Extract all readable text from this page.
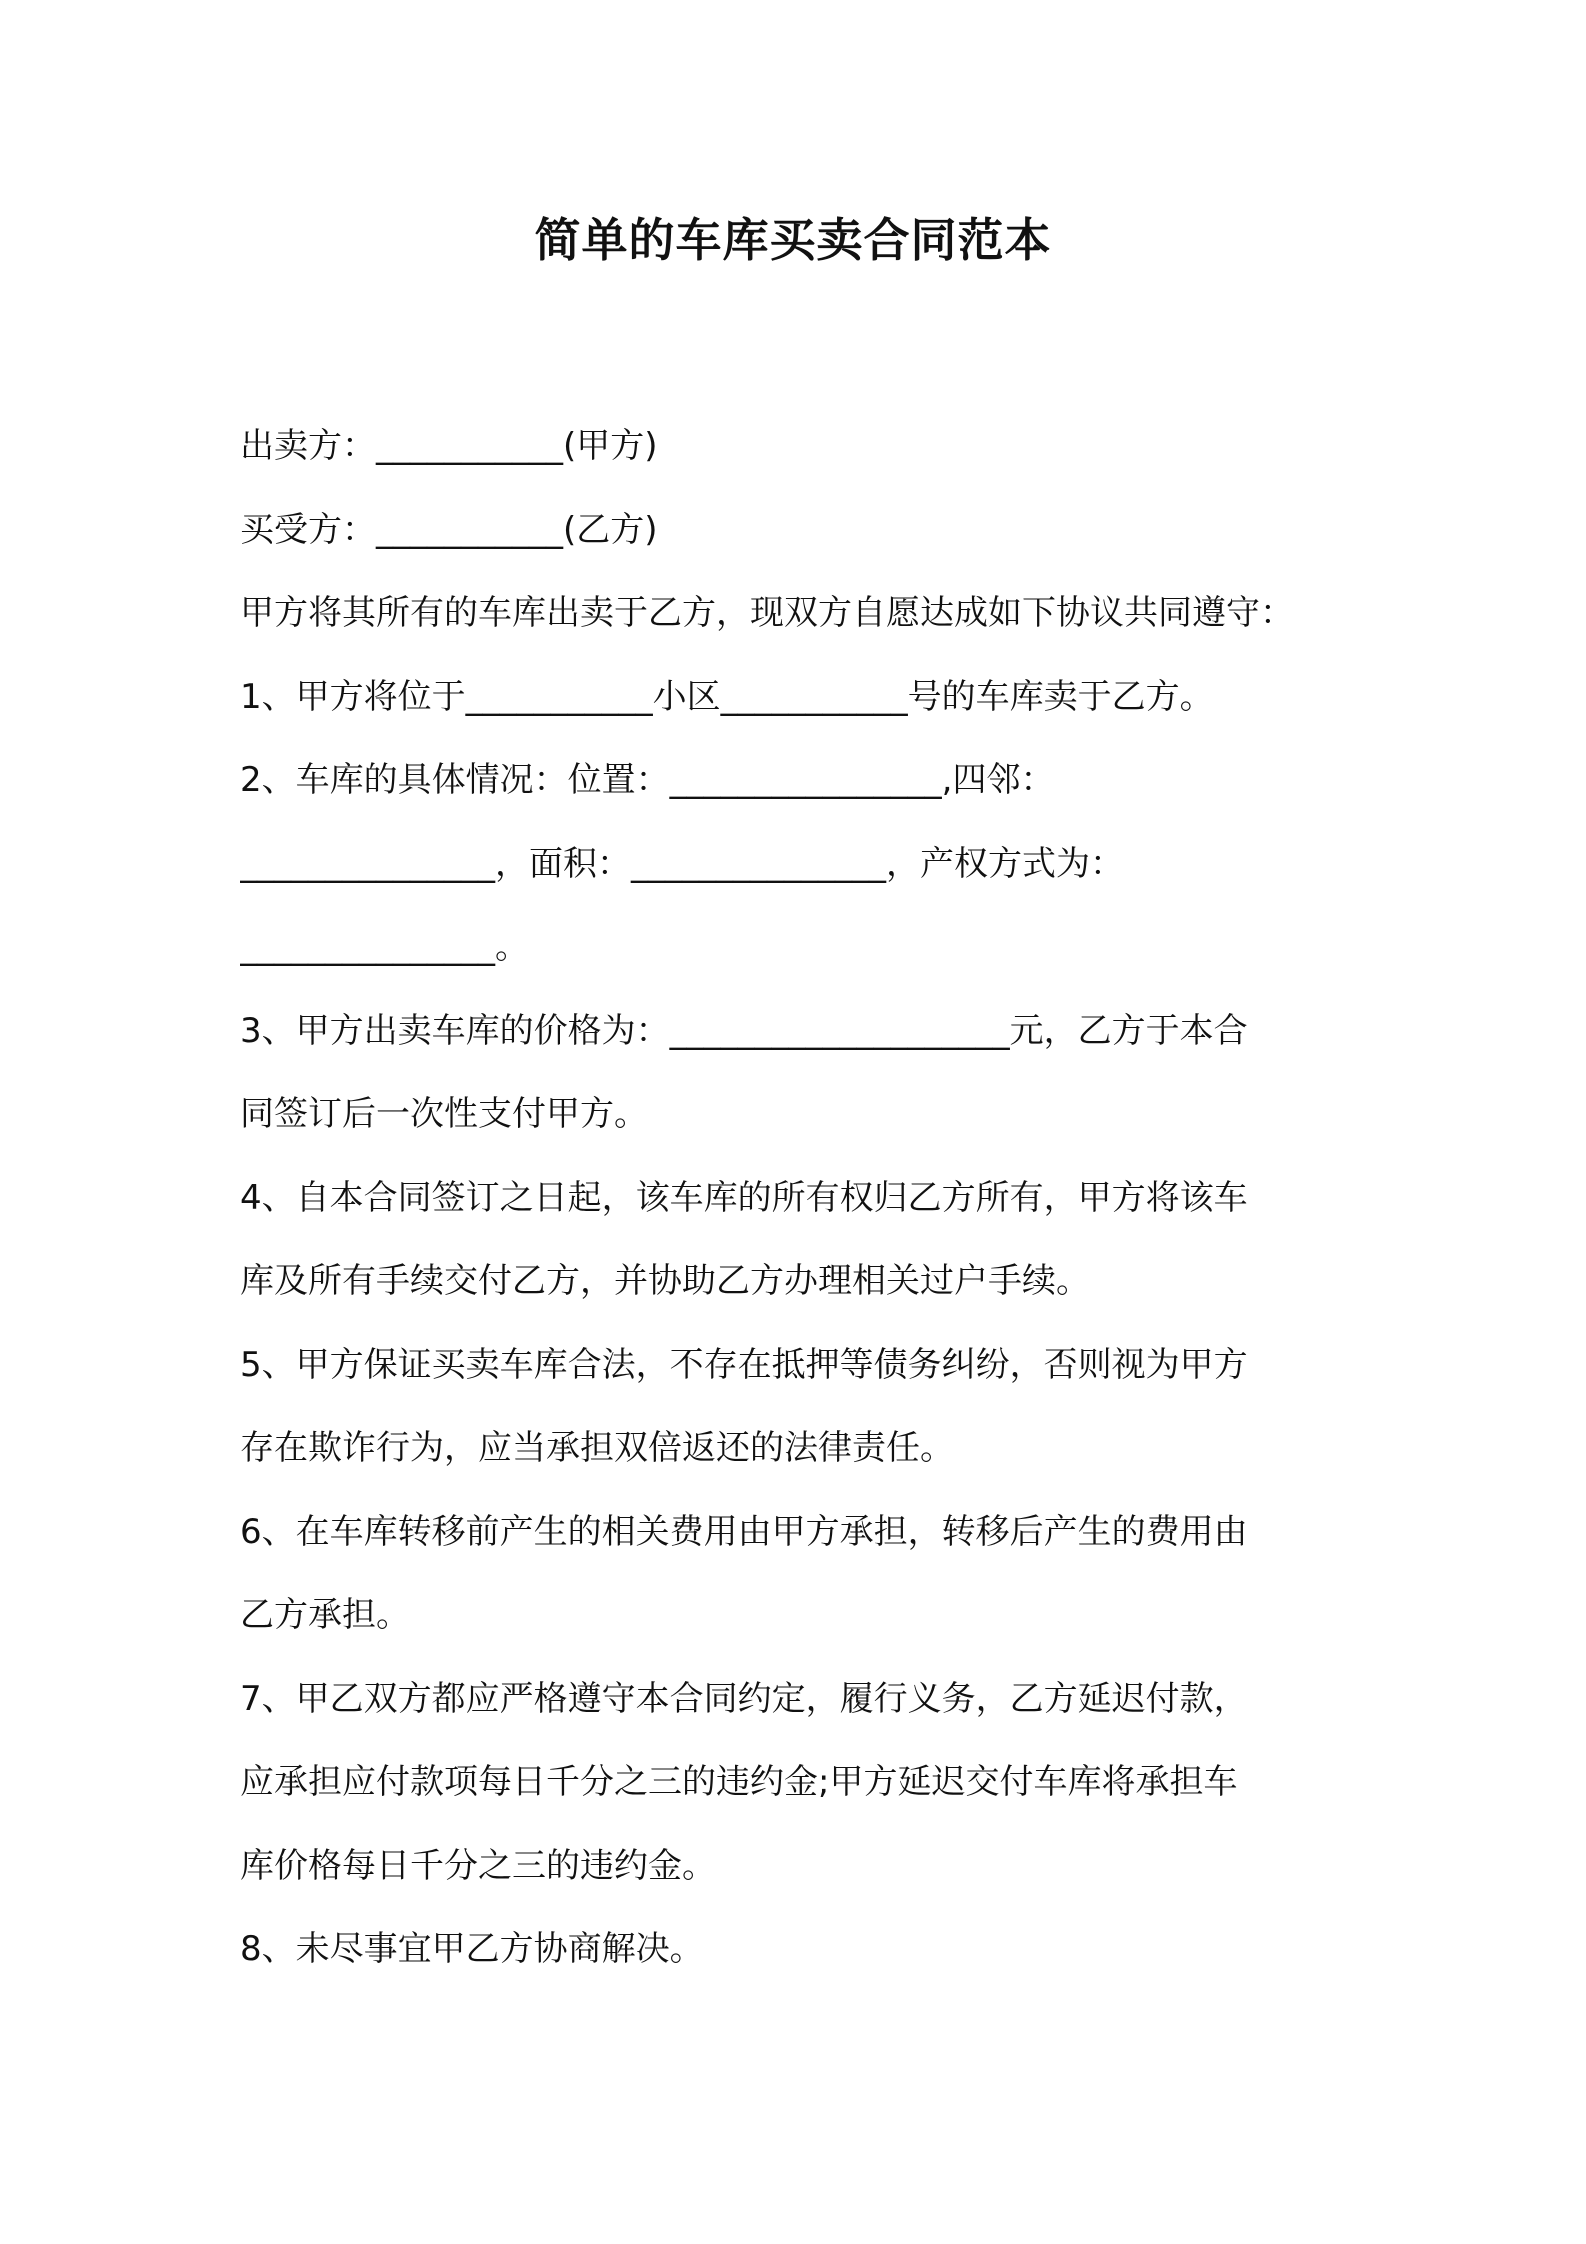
简单的车库买卖合同范本
出卖方：___________(甲方)
买受方：___________(乙方)
甲方将其所有的车库出卖于乙方，现双方自愿达成如下协议共同遵守：
1、甲方将位于___________小区___________号的车库卖于乙方。
2、车库的具体情况：位置：________________,四邻：
_______________，面积：_______________，产权方式为：
_______________。
3、甲方出卖车库的价格为：____________________元，乙方于本合
同签订后一次性支付甲方。
4、自本合同签订之日起，该车库的所有权归乙方所有，甲方将该车
库及所有手续交付乙方，并协助乙方办理相关过户手续。
5、甲方保证买卖车库合法，不存在抵押等债务纠纷，否则视为甲方
存在欺诈行为，应当承担双倍返还的法律责任。
6、在车库转移前产生的相关费用由甲方承担，转移后产生的费用由
乙方承担。
7、甲乙双方都应严格遵守本合同约定，履行义务，乙方延迟付款，
应承担应付款项每日千分之三的违约金;甲方延迟交付车库将承担车
库价格每日千分之三的违约金。
8、未尽事宜甲乙方协商解决。
